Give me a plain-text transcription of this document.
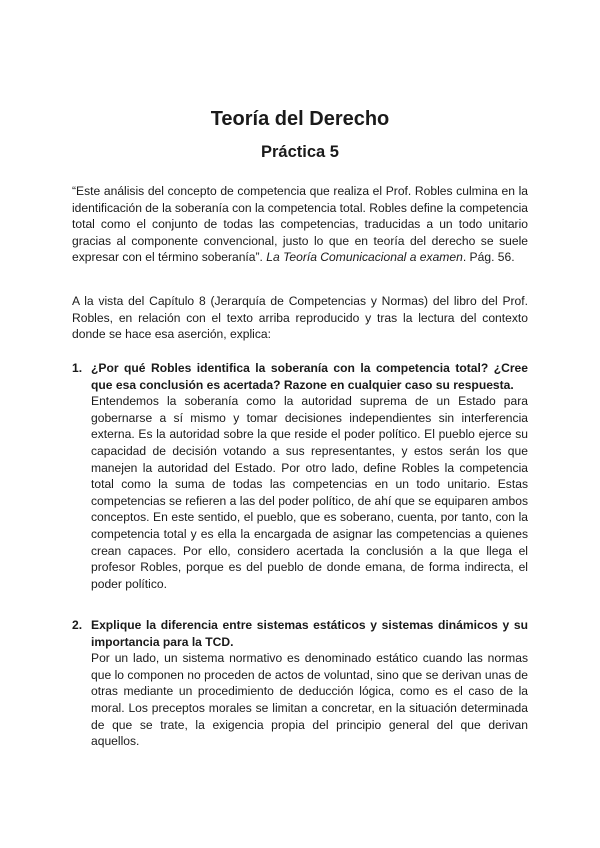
Teoría del Derecho
Práctica 5

“Este análisis del concepto de competencia que realiza el Prof. Robles culmina en la identificación de la soberanía con la competencia total. Robles define la competencia total como el conjunto de todas las competencias, traducidas a un todo unitario gracias al componente convencional, justo lo que en teoría del derecho se suele expresar con el término soberanía”. La Teoría Comunicacional a examen. Pág. 56.

A la vista del Capítulo 8 (Jerarquía de Competencias y Normas) del libro del Prof. Robles, en relación con el texto arriba reproducido y tras la lectura del contexto donde se hace esa aserción, explica:

1. ¿Por qué Robles identifica la soberanía con la competencia total? ¿Cree que esa conclusión es acertada? Razone en cualquier caso su respuesta.

Entendemos la soberanía como la autoridad suprema de un Estado para gobernarse a sí mismo y tomar decisiones independientes sin interferencia externa. Es la autoridad sobre la que reside el poder político. El pueblo ejerce su capacidad de decisión votando a sus representantes, y estos serán los que manejen la autoridad del Estado. Por otro lado, define Robles la competencia total como la suma de todas las competencias en un todo unitario. Estas competencias se refieren a las del poder político, de ahí que se equiparen ambos conceptos. En este sentido, el pueblo, que es soberano, cuenta, por tanto, con la competencia total y es ella la encargada de asignar las competencias a quienes crean capaces. Por ello, considero acertada la conclusión a la que llega el profesor Robles, porque es del pueblo de donde emana, de forma indirecta, el poder político.

2. Explique la diferencia entre sistemas estáticos y sistemas dinámicos y su importancia para la TCD.

Por un lado, un sistema normativo es denominado estático cuando las normas que lo componen no proceden de actos de voluntad, sino que se derivan unas de otras mediante un procedimiento de deducción lógica, como es el caso de la moral. Los preceptos morales se limitan a concretar, en la situación determinada de que se trate, la exigencia propia del principio general del que derivan aquellos.
